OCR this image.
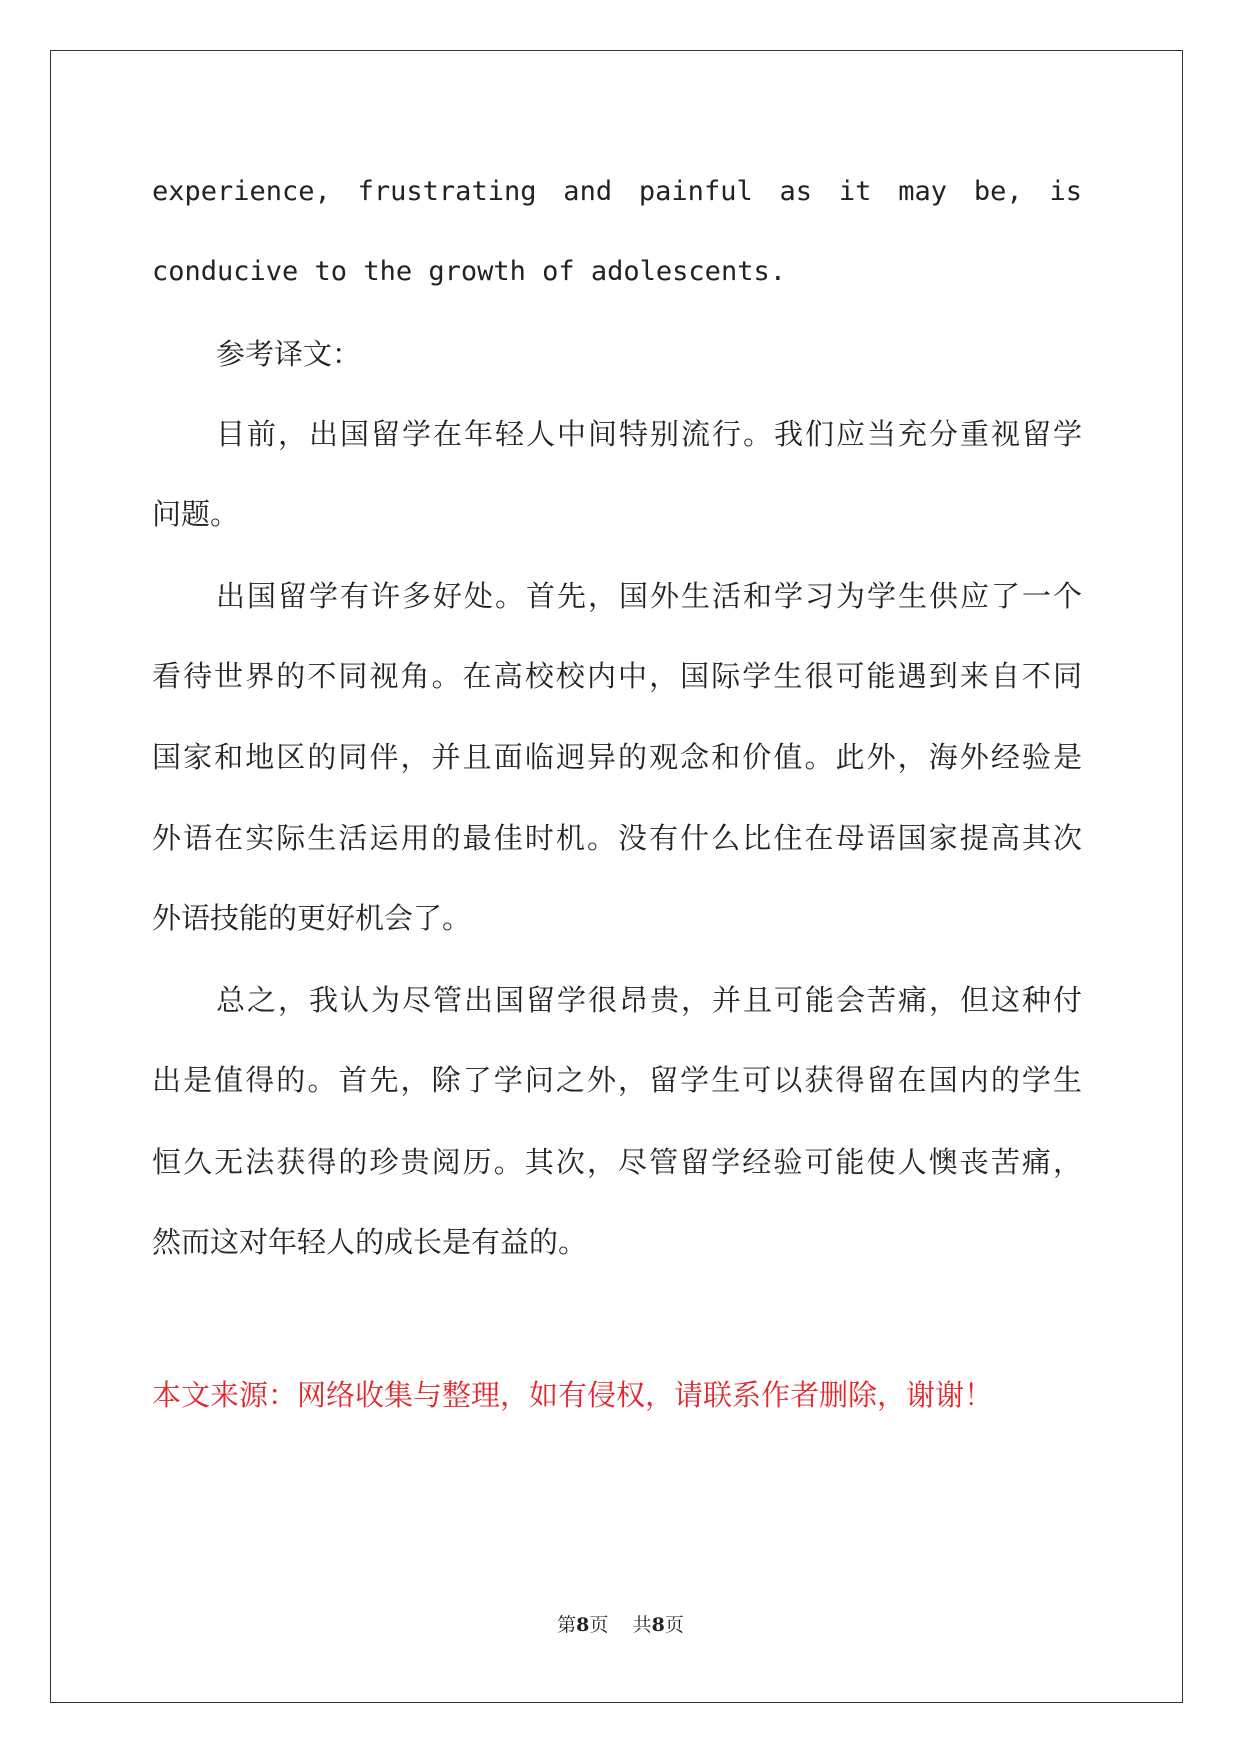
experience, frustrating and painful as it may be, is
conducive to the growth of adolescents.
参考译文：
目前，出国留学在年轻人中间特别流行。我们应当充分重视留学
问题。
出国留学有许多好处。首先，国外生活和学习为学生供应了一个
看待世界的不同视角。在高校校内中，国际学生很可能遇到来自不同
国家和地区的同伴，并且面临迥异的观念和价值。此外，海外经验是
外语在实际生活运用的最佳时机。没有什么比住在母语国家提高其次
外语技能的更好机会了。
总之，我认为尽管出国留学很昂贵，并且可能会苦痛，但这种付
出是值得的。首先，除了学问之外，留学生可以获得留在国内的学生
恒久无法获得的珍贵阅历。其次，尽管留学经验可能使人懊丧苦痛，
然而这对年轻人的成长是有益的。
本文来源：网络收集与整理，如有侵权，请联系作者删除，谢谢！
第8页 共8页
